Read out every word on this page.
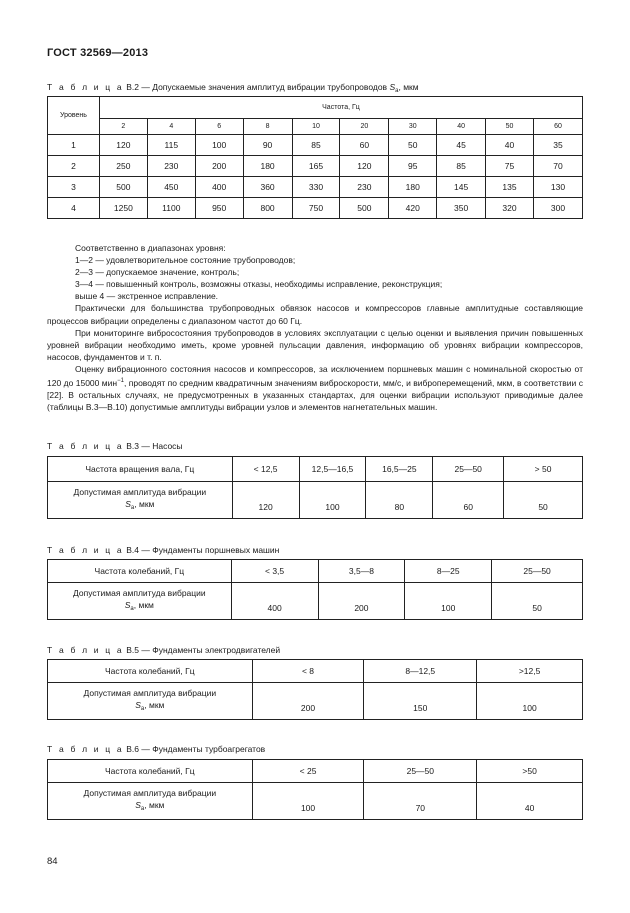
ГОСТ 32569—2013
Т а б л и ц а В.2 — Допускаемые значения амплитуд вибрации трубопроводов $S_а$, мкм
Уровень	Частота, Гц									
	2	4	6	8	10	20	30	40	50	60
1	120	115	100	90	85	60	50	45	40	35
2	250	230	200	180	165	120	95	85	75	70
3	500	450	400	360	330	230	180	145	135	130
4	1250	1100	950	800	750	500	420	350	320	300

Соответственно в диапазонах уровня:

1—2 — удовлетворительное состояние трубопроводов;

2—3 — допускаемое значение, контроль;

3—4 — повышенный контроль, возможны отказы, необходимы исправление, реконструкция;

выше 4 — экстренное исправление.

Практически для большинства трубопроводных обвязок насосов и компрессоров главные амплитудные составляющие процессов вибрации определены с диапазоном частот до 60 Гц.

При мониторинге вибросостояния трубопроводов в условиях эксплуатации с целью оценки и выявления причин повышенных уровней вибрации необходимо иметь, кроме уровней пульсации давления, информацию об уровнях вибрации компрессоров, насосов, фундаментов и т. п.

Оценку вибрационного состояния насосов и компрессоров, за исключением поршневых машин с номинальной скоростью от 120 до 15000 мин$^{-1}$, проводят по средним квадратичным значениям виброскорости, мм/с, и виброперемещений, мкм, в соответствии с [22]. В остальных случаях, не предусмотренных в указанных стандартах, для оценки вибрации используют приводимые далее (таблицы В.3—В.10) допустимые амплитуды вибрации узлов и элементов нагнетательных машин.

Т а б л и ц а В.3 — Насосы
Частота вращения вала, Гц	< 12,5	12,5—16,5	16,5—25	25—50	> 50
Допустимая амплитуда вибрации
$S_а$, мкм	120	100	80	60	50
Т а б л и ц а В.4 — Фундаменты поршневых машин
Частота колебаний, Гц	< 3,5	3,5—8	8—25	25—50
Допустимая амплитуда вибрации
$S_а$, мкм	400	200	100	50
Т а б л и ц а В.5 — Фундаменты электродвигателей
Частота колебаний, Гц	< 8	8—12,5	>12,5
Допустимая амплитуда вибрации
$S_а$, мкм	200	150	100
Т а б л и ц а В.6 — Фундаменты турбоагрегатов
Частота колебаний, Гц	< 25	25—50	>50
Допустимая амплитуда вибрации
$S_а$, мкм	100	70	40
84
